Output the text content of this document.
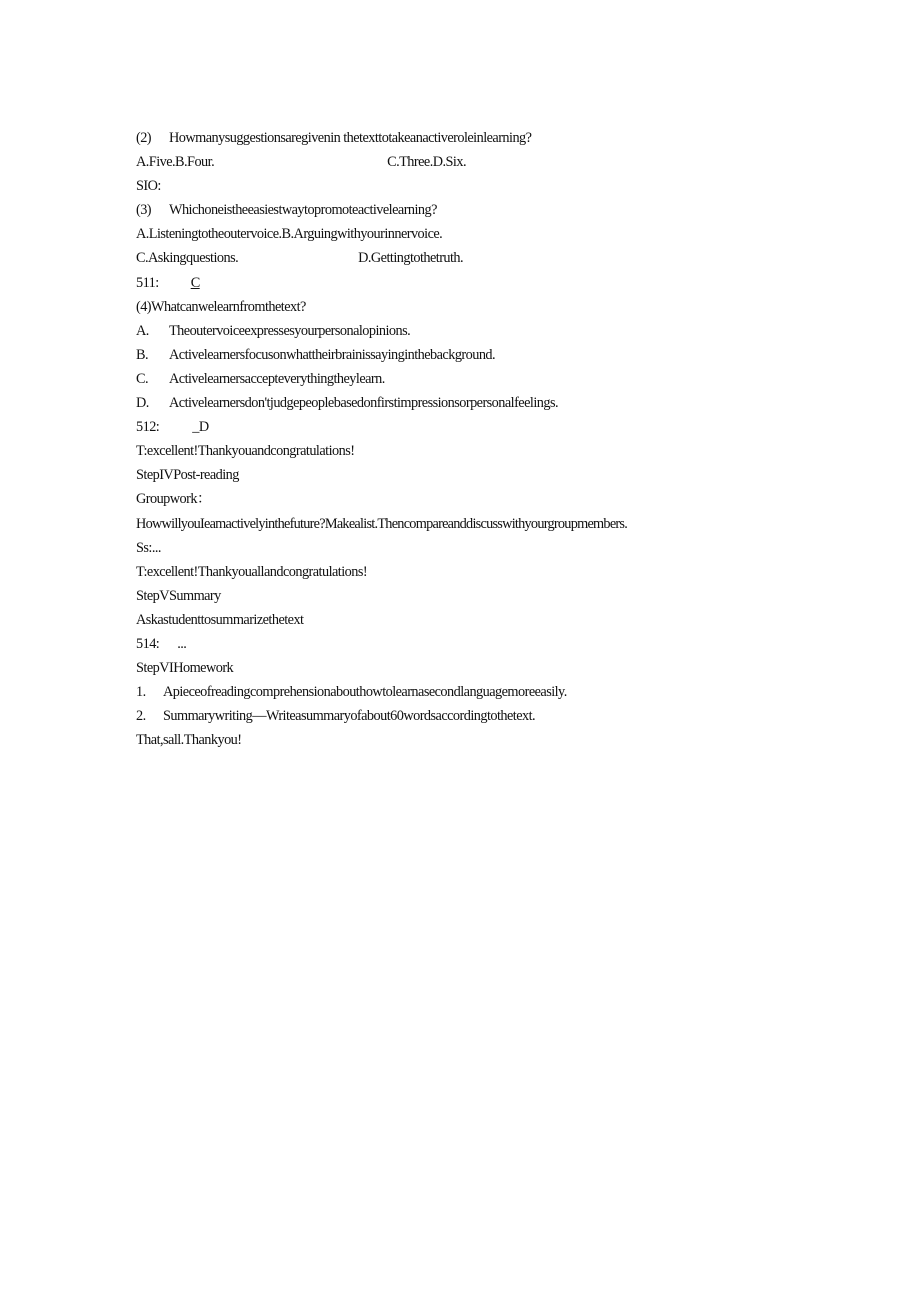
(2) Howmanysuggestionsaregivenin thetexttotakeanactiveroleinlearning?
A.Five.B.Four.	C.Three.D.Six.
SIO:
(3) Whichoneistheeasiestwaytopromoteactivelearning?
A.Listeningtotheoutervoice.B.Arguingwithyourinnervoice.
C.Askingquestions.	D.Gettingtothetruth.
511: C
(4)Whatcanwelearnfromthetext?
A. Theoutervoiceexpressesyourpersonalopinions.
B. Activelearnersfocusonwhattheirbrainissayinginthebackground.
C. Activelearnersaccepteverythingtheylearn.
D. Activelearnersdon'tjudgepeoplebasedonfirstimpressionsorpersonalfeelings.
512: _D
T:excellent!Thankyouandcongratulations!
StepIVPost-reading
Groupwork：
HowwillyouIeamactivelyinthefuture?Makealist.Thencompareanddiscusswithyourgroupmembers.
Ss:...
T:excellent!Thankyouallandcongratulations!
StepVSummary
Askastudenttosummarizethetext
514: ...
StepVIHomework
1. Apieceofreadingcomprehensionabouthowtolearnasecondlanguagemoreeasily.
2. Summarywriting—Writeasummaryofabout60wordsaccordingtothetext.
That,sall.Thankyou!
